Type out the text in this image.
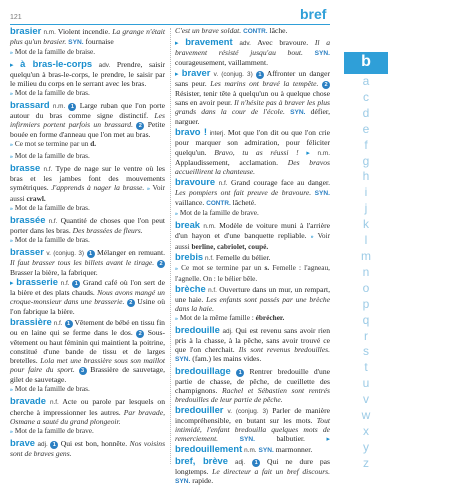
121	bref
brasier n.m. Violent incendie. La grange n'était plus qu'un brasier. SYN. fournaise
» Mot de la famille de braise.
▸ à bras-le-corps adv. Prendre, saisir quelqu'un à bras-le-corps, le prendre, le saisir par le milieu du corps en le serrant avec les bras.
» Mot de la famille de bras.
brassard n.m. 1 Large ruban que l'on porte autour du bras comme signe distinctif. Les infirmiers portent parfois un brassard. 2 Petite bouée en forme d'anneau que l'on met au bras.
» Ce mot se termine par un d.
» Mot de la famille de bras.
brasse n.f. Type de nage sur le ventre où les bras et les jambes font des mouvements symétriques. J'apprends à nager la brasse. » Voir aussi crawl.
» Mot de la famille de bras.
brassée n.f. Quantité de choses que l'on peut porter dans les bras. Des brassées de fleurs.
» Mot de la famille de bras.
brasser v. (conjug. 3) 1 Mélanger en remuant. Il faut brasser tous les billets avant le tirage. 2 Brasser la bière, la fabriquer.
▸ brasserie n.f. 1 Grand café où l'on sert de la bière et des plats chauds. Nous avons mangé un croque-monsieur dans une brasserie. 2 Usine où l'on fabrique la bière.
brassière n.f. 1 Vêtement de bébé en tissu fin ou en laine qui se ferme dans le dos. 2 Sous-vêtement ou haut féminin qui maintient la poitrine, constitué d'une bande de tissu et de larges bretelles. Lola met une brassière sous son maillot pour faire du sport. 3 Brassière de sauvetage, gilet de sauvetage.
» Mot de la famille de bras.
bravade n.f. Acte ou parole par lesquels on cherche à impressionner les autres. Par bravade, Osmane a sauté du grand plongeoir.
» Mot de la famille de brave.
brave adj. 1 Qui est bon, honnête. Nos voisins sont de braves gens.
C'est un brave soldat. CONTR. lâche.
▸ bravement adv. Avec bravoure. Il a bravement résisté jusqu'au bout. SYN. courageusement, vaillamment.
▸ braver v. (conjug. 3) 1 Affronter un danger sans peur. Les marins ont bravé la tempête. 2 Résister, tenir tête à quelqu'un ou à quelque chose sans en avoir peur. Il n'hésite pas à braver les plus grands dans la cour de l'école. SYN. défier, narguer.
bravo ! interj. Mot que l'on dit ou que l'on crie pour marquer son admiration, pour féliciter quelqu'un. Bravo, tu as réussi ! ▸ n.m. Applaudissement, acclamation. Des bravos accueillirent la chanteuse.
bravoure n.f. Grand courage face au danger. Les pompiers ont fait preuve de bravoure. SYN. vaillance. CONTR. lâcheté.
» Mot de la famille de brave.
break n.m. Modèle de voiture muni à l'arrière d'un hayon et d'une banquette repliable. » Voir aussi berline, cabriolet, coupé.
brebis n.f. Femelle du bélier.
» Ce mot se termine par un s. Femelle : l'agneau, l'agnelle. On : le bélier bêle.
brèche n.f. Ouverture dans un mur, un rempart, une haie. Les enfants sont passés par une brèche dans la haie.
» Mot de la même famille : ébrécher.
bredouille adj. Qui est revenu sans avoir rien pris à la chasse, à la pêche, sans avoir trouvé ce que l'on cherchait. Ils sont revenus bredouilles. SYN. (fam.) les mains vides.
bredouillage 1 Rentrer bredouille d'une partie de chasse, de pêche, de cueillette des champignons. Rachel et Sébastien sont rentrés bredouilles de leur partie de pêche.
bredouiller v. (conjug. 3) Parler de manière incompréhensible, en butant sur les mots. Tout intimidé, l'enfant bredouilla quelques mots de remerciement.	SYN.	balbutier.	▸ bredouillement n.m. SYN. marmonner.
bref, brève adj. 1 Qui ne dure pas longtemps. Le directeur a fait un bref discours. SYN. rapide.
b
a
c
d
e
f
g
h
i
j
k
l
m
n
o
p
q
r
s
t
u
v
w
x
y
z
